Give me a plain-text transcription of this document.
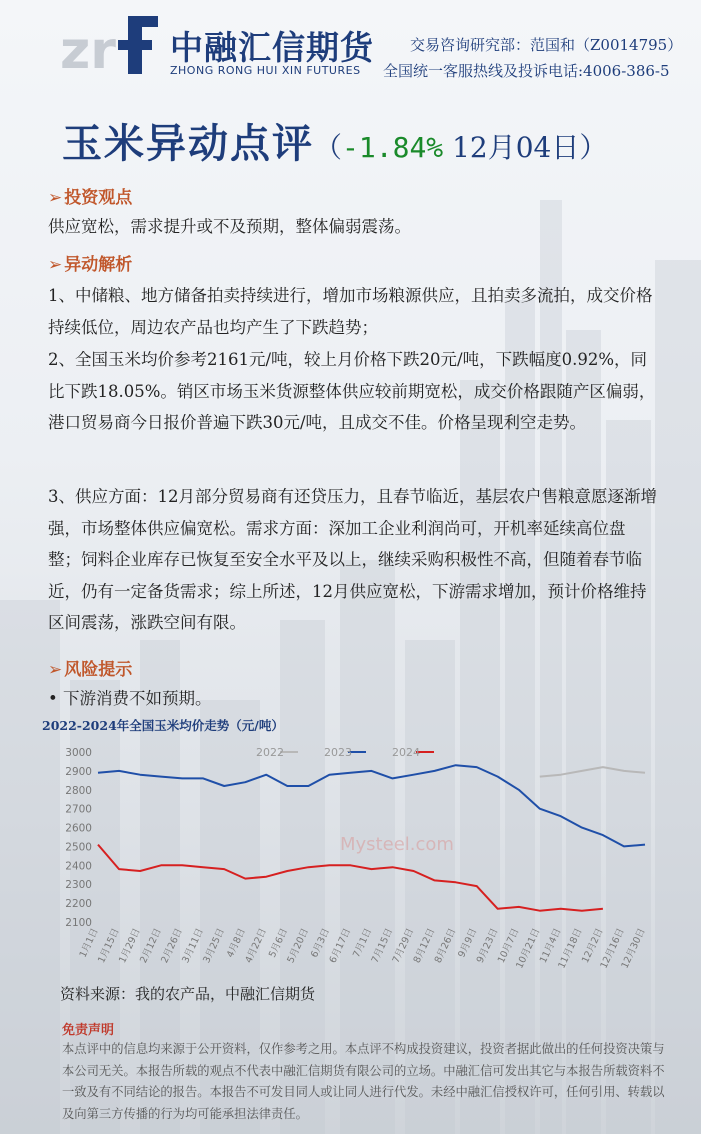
zr 中融汇信期货
ZHONG RONG HUI XIN FUTURES
交易咨询研究部：范国和（Z0014795）
全国统一客服热线及投诉电话:4006-386-5
玉米异动点评（-1.84% 12月04日）
➢ 投资观点
供应宽松，需求提升或不及预期，整体偏弱震荡。
➢ 异动解析
1、中储粮、地方储备拍卖持续进行，增加市场粮源供应，且拍卖多流拍，成交价格持续低位，周边农产品也均产生了下跌趋势；
2、全国玉米均价参考2161元/吨，较上月价格下跌20元/吨，下跌幅度0.92%，同比下跌18.05%。销区市场玉米货源整体供应较前期宽松，成交价格跟随产区偏弱，港口贸易商今日报价普遍下跌30元/吨，且成交不佳。价格呈现利空走势。
3、供应方面：12月部分贸易商有还贷压力，且春节临近，基层农户售粮意愿逐渐增强，市场整体供应偏宽松。需求方面：深加工企业利润尚可，开机率延续高位盘整；饲料企业库存已恢复至安全水平及以上，继续采购积极性不高，但随着春节临近，仍有一定备货需求；综上所述，12月供应宽松，下游需求增加，预计价格维持区间震荡，涨跌空间有限。
➢ 风险提示
• 下游消费不如预期。
2022-2024年全国玉米均价走势（元/吨）
2022	2023	2024
2100
2200
2300
2400
2500
2600
2700
2800
2900
3000
1月1日
1月15日
1月29日
2月12日
2月26日
3月11日
3月25日
4月8日
4月22日
5月6日
5月20日
6月3日
6月17日
7月1日
7月15日
7月29日
8月12日
8月26日
9月9日
9月23日
10月7日
10月21日
11月4日
11月18日
12月2日
12月16日
12月30日
Mysteel.com
资料来源：我的农产品，中融汇信期货
免责声明
本点评中的信息均来源于公开资料，仅作参考之用。本点评不构成投资建议，投资者据此做出的任何投资决策与本公司无关。本报告所载的观点不代表中融汇信期货有限公司的立场。中融汇信可发出其它与本报告所载资料不一致及有不同结论的报告。本报告不可发目同人或让同人进行代发。未经中融汇信授权许可，任何引用、转载以及向第三方传播的行为均可能承担法律责任。
